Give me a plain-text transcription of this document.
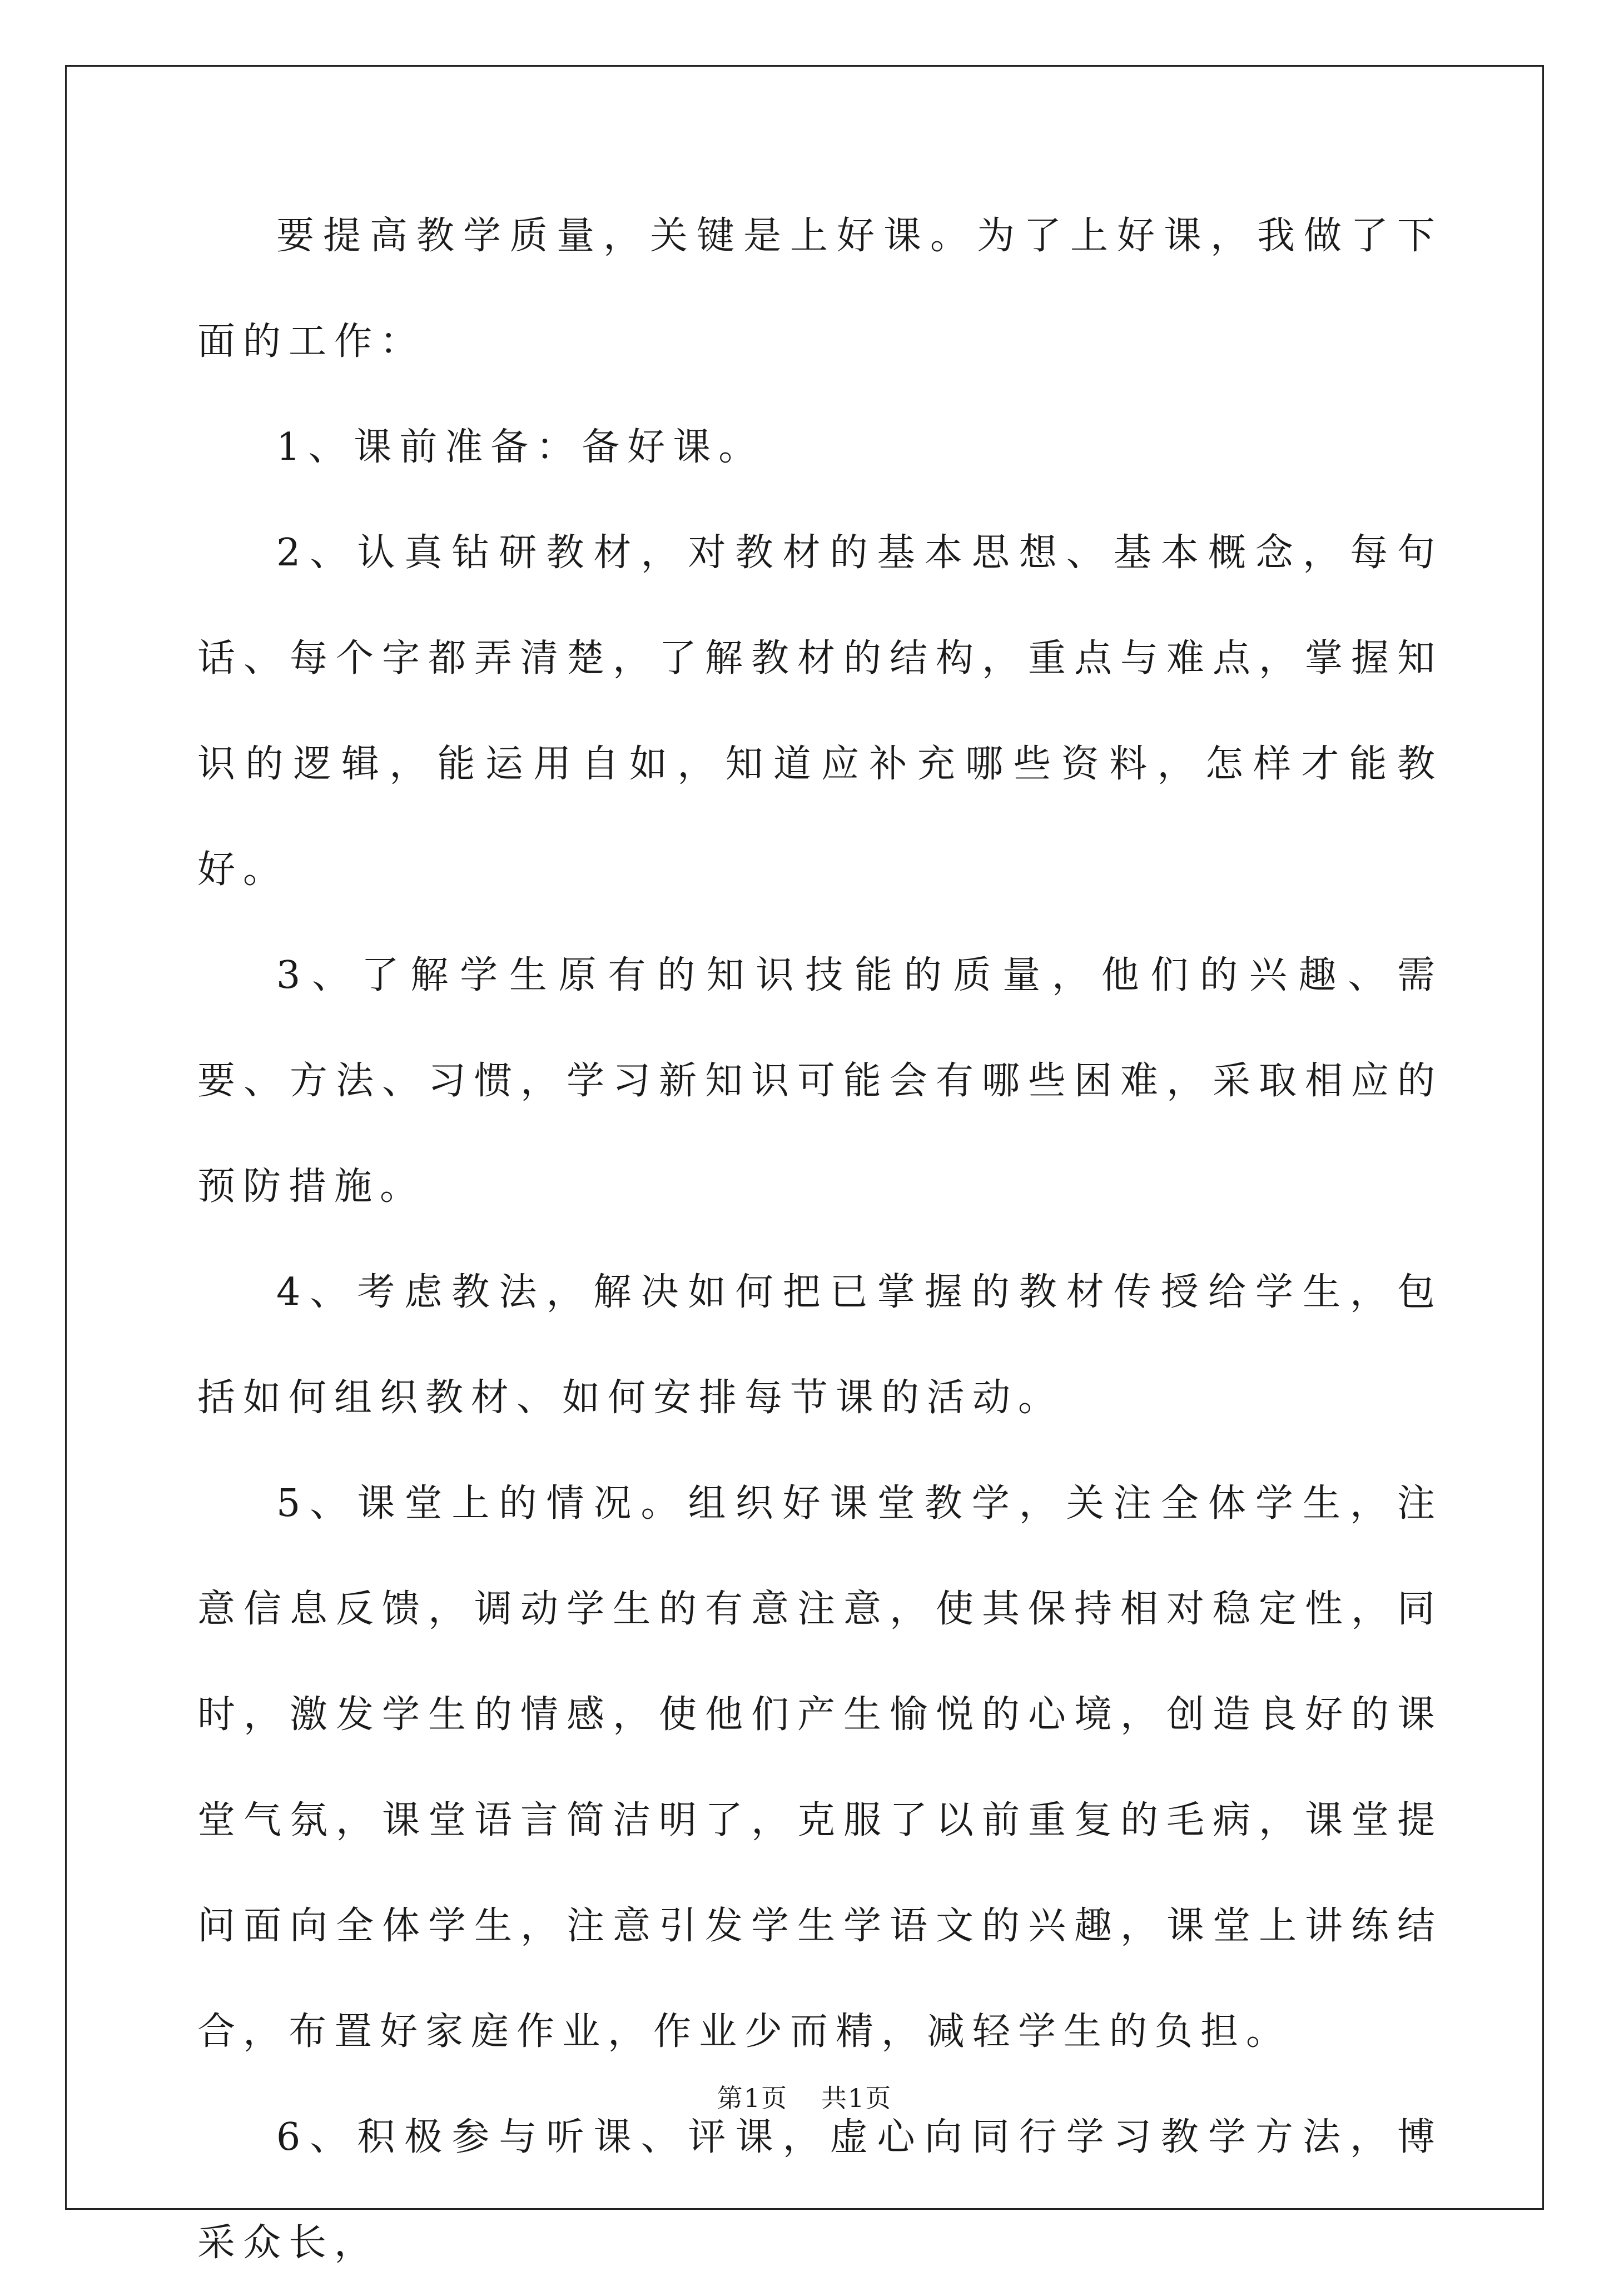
要提高教学质量，关键是上好课。为了上好课，我做了下面的工作：

1、课前准备：备好课。

2、认真钻研教材，对教材的基本思想、基本概念，每句话、每个字都弄清楚，了解教材的结构，重点与难点，掌握知识的逻辑，能运用自如，知道应补充哪些资料，怎样才能教好。

3、了解学生原有的知识技能的质量，他们的兴趣、需要、方法、习惯，学习新知识可能会有哪些困难，采取相应的预防措施。

4、考虑教法，解决如何把已掌握的教材传授给学生，包括如何组织教材、如何安排每节课的活动。

5、课堂上的情况。组织好课堂教学，关注全体学生，注意信息反馈，调动学生的有意注意，使其保持相对稳定性，同时，激发学生的情感，使他们产生愉悦的心境，创造良好的课堂气氛，课堂语言简洁明了，克服了以前重复的毛病，课堂提问面向全体学生，注意引发学生学语文的兴趣，课堂上讲练结合，布置好家庭作业，作业少而精，减轻学生的负担。

6、积极参与听课、评课，虚心向同行学习教学方法，博采众长，

第1页 共1页
